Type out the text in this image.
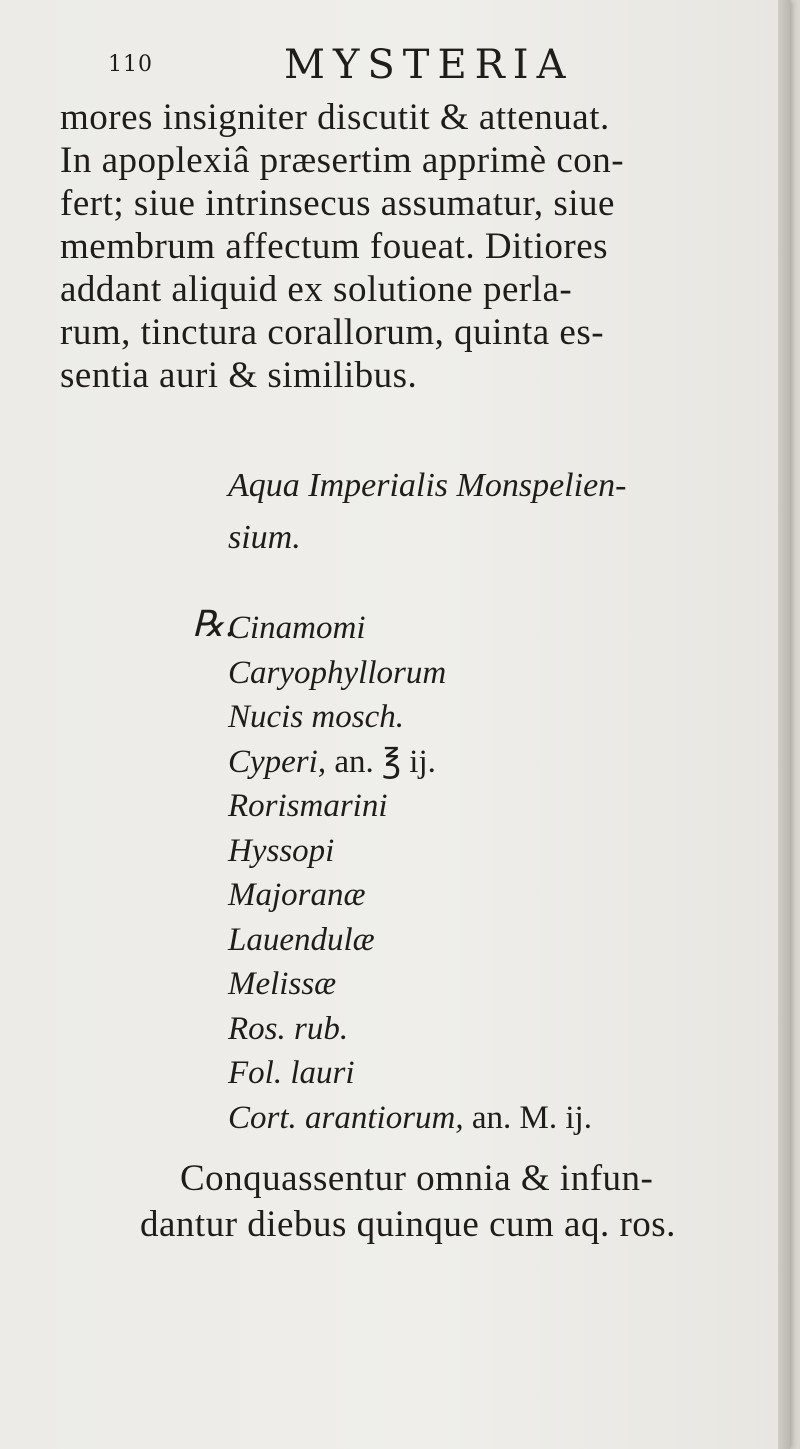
110	MYSTERIA
mores insigniter discutit & attenuat.
In apoplexiâ præsertim apprimè con-
fert; siue intrinsecus assumatur, siue
membrum affectum foueat. Ditiores
addant aliquid ex solutione perla-
rum, tinctura corallorum, quinta es-
sentia auri & similibus.
Aqua Imperialis Monspelien-
sium.
℞.
Cinamomi
Caryophyllorum
Nucis mosch.
Cyperi, an. ℥ ij.
Rorismarini
Hyssopi
Majoranæ
Lauendulæ
Melissæ
Ros. rub.
Fol. lauri
Cort. arantiorum, an. M. ij.
Conquassentur omnia & infun-
dantur diebus quinque cum aq. ros.
